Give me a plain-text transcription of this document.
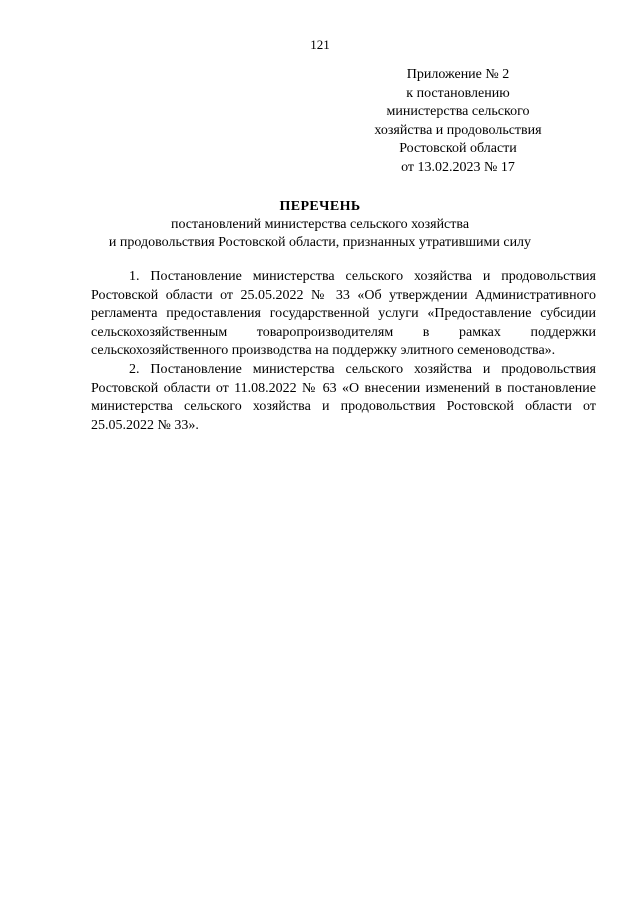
121
Приложение № 2
к постановлению
министерства сельского
хозяйства и продовольствия
Ростовской области
от 13.02.2023 № 17
ПЕРЕЧЕНЬ
постановлений министерства сельского хозяйства
и продовольствия Ростовской области, признанных утратившими силу

1. Постановление министерства сельского хозяйства и продовольствия Ростовской области от 25.05.2022 № 33 «Об утверждении Административного регламента предоставления государственной услуги «Предоставление субсидии сельскохозяйственным товаропроизводителям в рамках поддержки сельскохозяйственного производства на поддержку элитного семеноводства».

2. Постановление министерства сельского хозяйства и продовольствия Ростовской области от 11.08.2022 № 63 «О внесении изменений в постановление министерства сельского хозяйства и продовольствия Ростовской области от 25.05.2022 № 33».
